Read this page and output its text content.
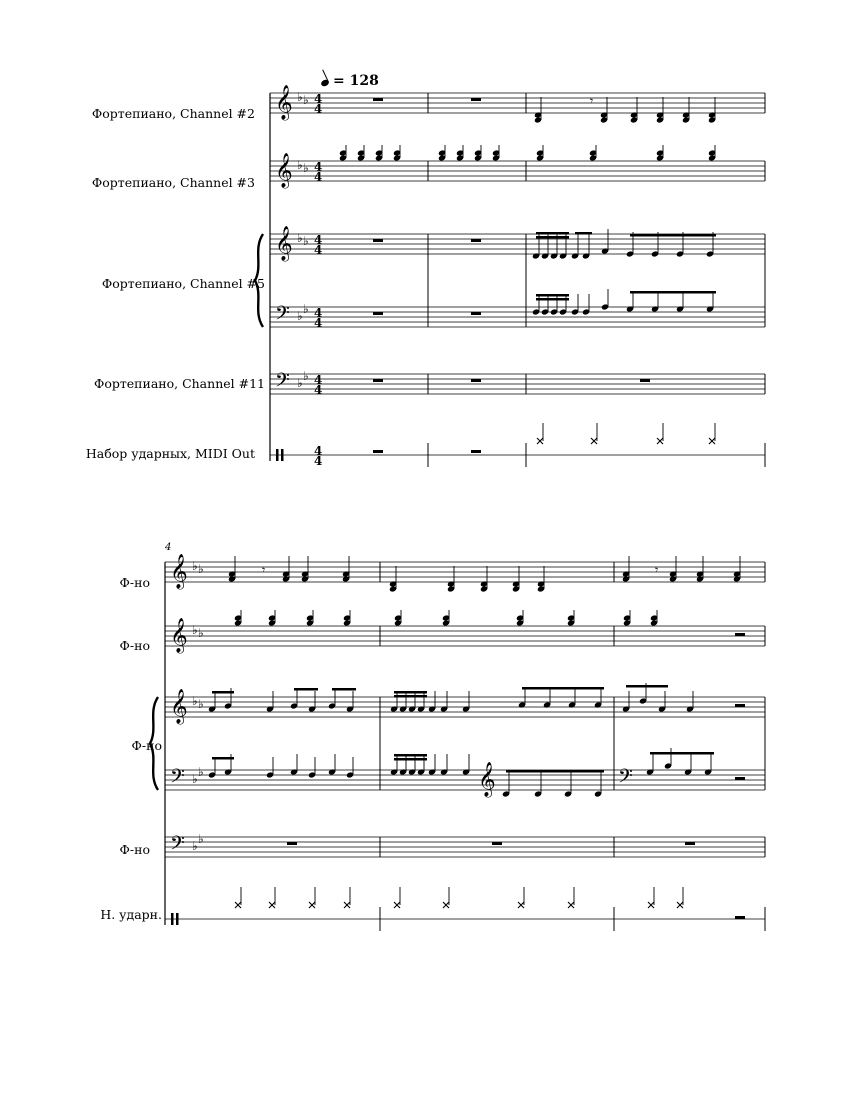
𝄞 ♭ ♭ 4
4
𝄞 ♭ ♭ 4
4
𝄞 ♭ ♭ 4
4
𝄢 ♭ ♭ 4
4
𝄢 ♭ ♭ 4
4
4
4
𝄾
𝄞 ♭ ♭
𝄞 ♭ ♭
𝄞 ♭ ♭
𝄢 ♭ ♭
𝄢 ♭ ♭
𝄾	𝄾
𝄞	𝄢
= 128
Фортепиано, Channel #2
Фортепиано, Channel #3
Фортепиано, Channel #5
Фортепиано, Channel #11
Набор ударных, MIDI Out
4
Ф-но
Ф-но
Ф-но
Ф-но
Н. ударн.
